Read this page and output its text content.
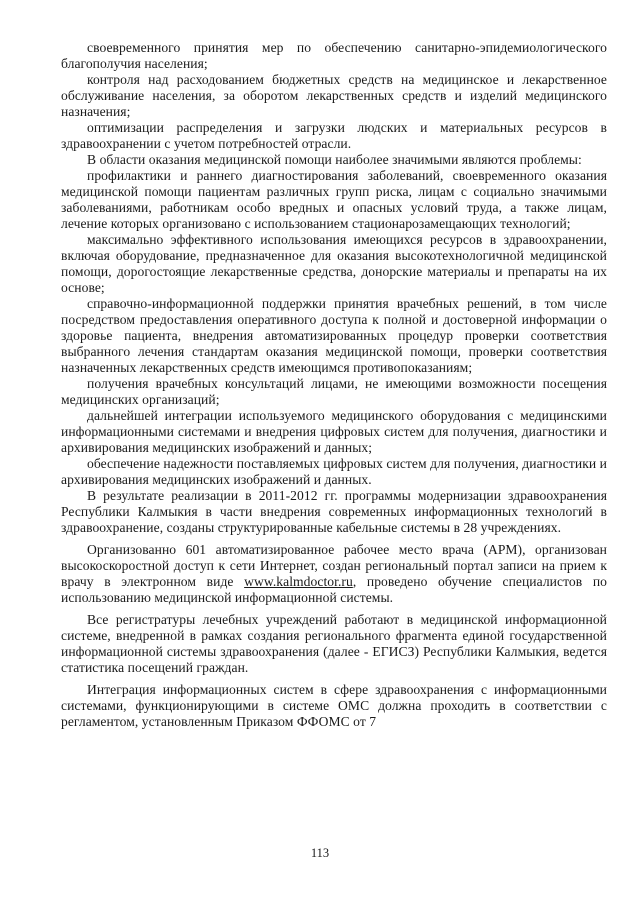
своевременного принятия мер по обеспечению санитарно-эпидемиологического благополучия населения;

контроля над расходованием бюджетных средств на медицинское и лекарственное обслуживание населения, за оборотом лекарственных средств и изделий медицинского назначения;

оптимизации распределения и загрузки людских и материальных ресурсов в здравоохранении с учетом потребностей отрасли.

В области оказания медицинской помощи наиболее значимыми являются проблемы:

профилактики и раннего диагностирования заболеваний, своевременного оказания медицинской помощи пациентам различных групп риска, лицам с социально значимыми заболеваниями, работникам особо вредных и опасных условий труда, а также лицам, лечение которых организовано с использованием стационарозамещающих технологий;

максимально эффективного использования имеющихся ресурсов в здравоохранении, включая оборудование, предназначенное для оказания высокотехнологичной медицинской помощи, дорогостоящие лекарственные средства, донорские материалы и препараты на их основе;

справочно-информационной поддержки принятия врачебных решений, в том числе посредством предоставления оперативного доступа к полной и достоверной информации о здоровье пациента, внедрения автоматизированных процедур проверки соответствия выбранного лечения стандартам оказания медицинской помощи, проверки соответствия назначенных лекарственных средств имеющимся противопоказаниям;

получения врачебных консультаций лицами, не имеющими возможности посещения медицинских организаций;

дальнейшей интеграции используемого медицинского оборудования с медицинскими информационными системами и внедрения цифровых систем для получения, диагностики и архивирования медицинских изображений и данных;

обеспечение надежности поставляемых цифровых систем для получения, диагностики и архивирования медицинских изображений и данных.

В результате реализации в 2011-2012 гг. программы модернизации здравоохранения Республики Калмыкия в части внедрения современных информационных технологий в здравоохранение, созданы структурированные кабельные системы в 28 учреждениях.

Организованно 601 автоматизированное рабочее место врача (АРМ), организован высокоскоростной доступ к сети Интернет, создан региональный портал записи на прием к врачу в электронном виде www.kalmdoctor.ru, проведено обучение специалистов по использованию медицинской информационной системы.

Все регистратуры лечебных учреждений работают в медицинской информационной системе, внедренной в рамках создания регионального фрагмента единой государственной информационной системы здравоохранения (далее - ЕГИСЗ) Республики Калмыкия, ведется статистика посещений граждан.

Интеграция информационных систем в сфере здравоохранения с информационными системами, функционирующими в системе ОМС должна проходить в соответствии с регламентом, установленным Приказом ФФОМС от 7

113
